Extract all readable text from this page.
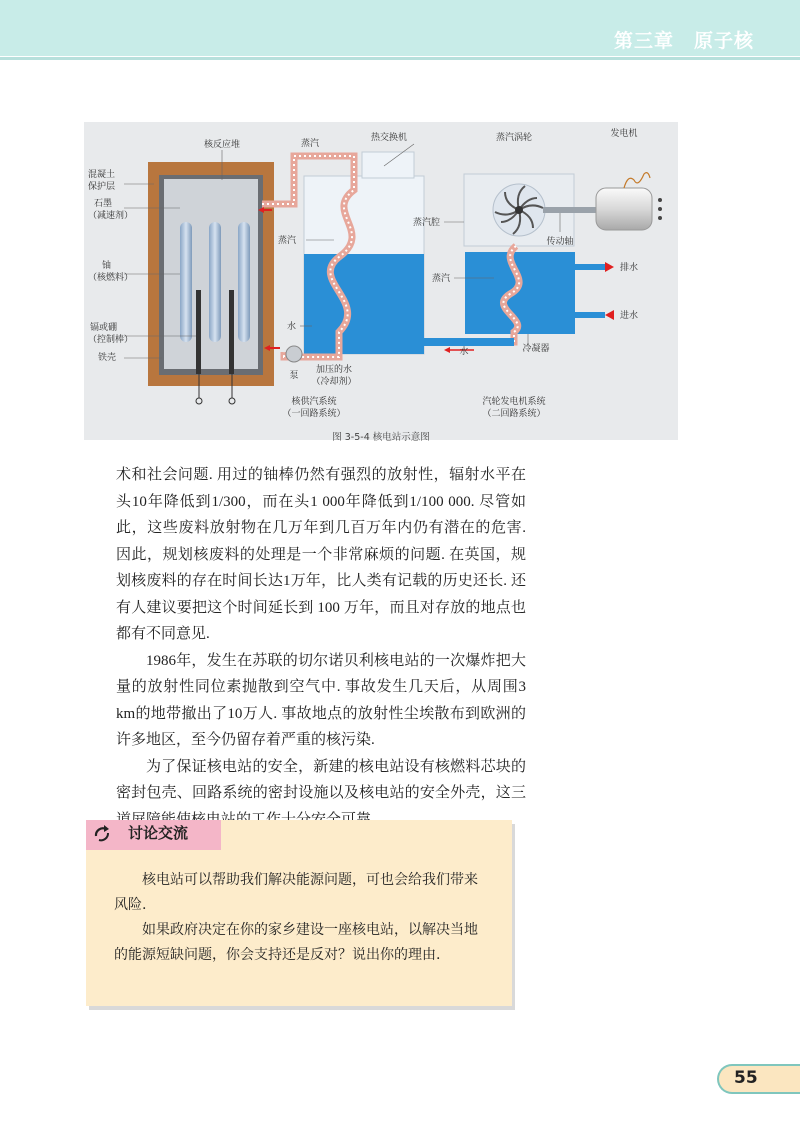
第三章 原子核
核反应堆
混凝土
保护层
石墨
（减速剂）
铀
（核燃料）
镉或硼
（控制棒）
铁壳
蒸汽
热交换机
蒸汽
水
泵
加压的水
（冷却剂）
蒸汽涡轮	发电机
蒸汽腔
传动轴
蒸汽
排水
进水
水	冷凝器
核供汽系统
（一回路系统）
汽轮发电机系统
（二回路系统）
图 3-5-4 核电站示意图

术和社会问题. 用过的铀棒仍然有强烈的放射性，辐射水平在头10年降低到1/300，而在头1 000年降低到1/100 000. 尽管如此，这些废料放射物在几万年到几百万年内仍有潜在的危害. 因此，规划核废料的处理是一个非常麻烦的问题. 在英国，规划核废料的存在时间长达1万年，比人类有记载的历史还长. 还有人建议要把这个时间延长到 100 万年，而且对存放的地点也都有不同意见.

1986年，发生在苏联的切尔诺贝利核电站的一次爆炸把大量的放射性同位素抛散到空气中. 事故发生几天后，从周围3 km的地带撤出了10万人. 事故地点的放射性尘埃散布到欧洲的许多地区，至今仍留存着严重的核污染.

为了保证核电站的安全，新建的核电站设有核燃料芯块的密封包壳、回路系统的密封设施以及核电站的安全外壳，这三

讨论交流

核电站可以帮助我们解决能源问题，可也会给我们带来风险.

如果政府决定在你的家乡建设一座核电站，以解决当地的能源短缺问题，你会支持还是反对？说出你的理由.

55
